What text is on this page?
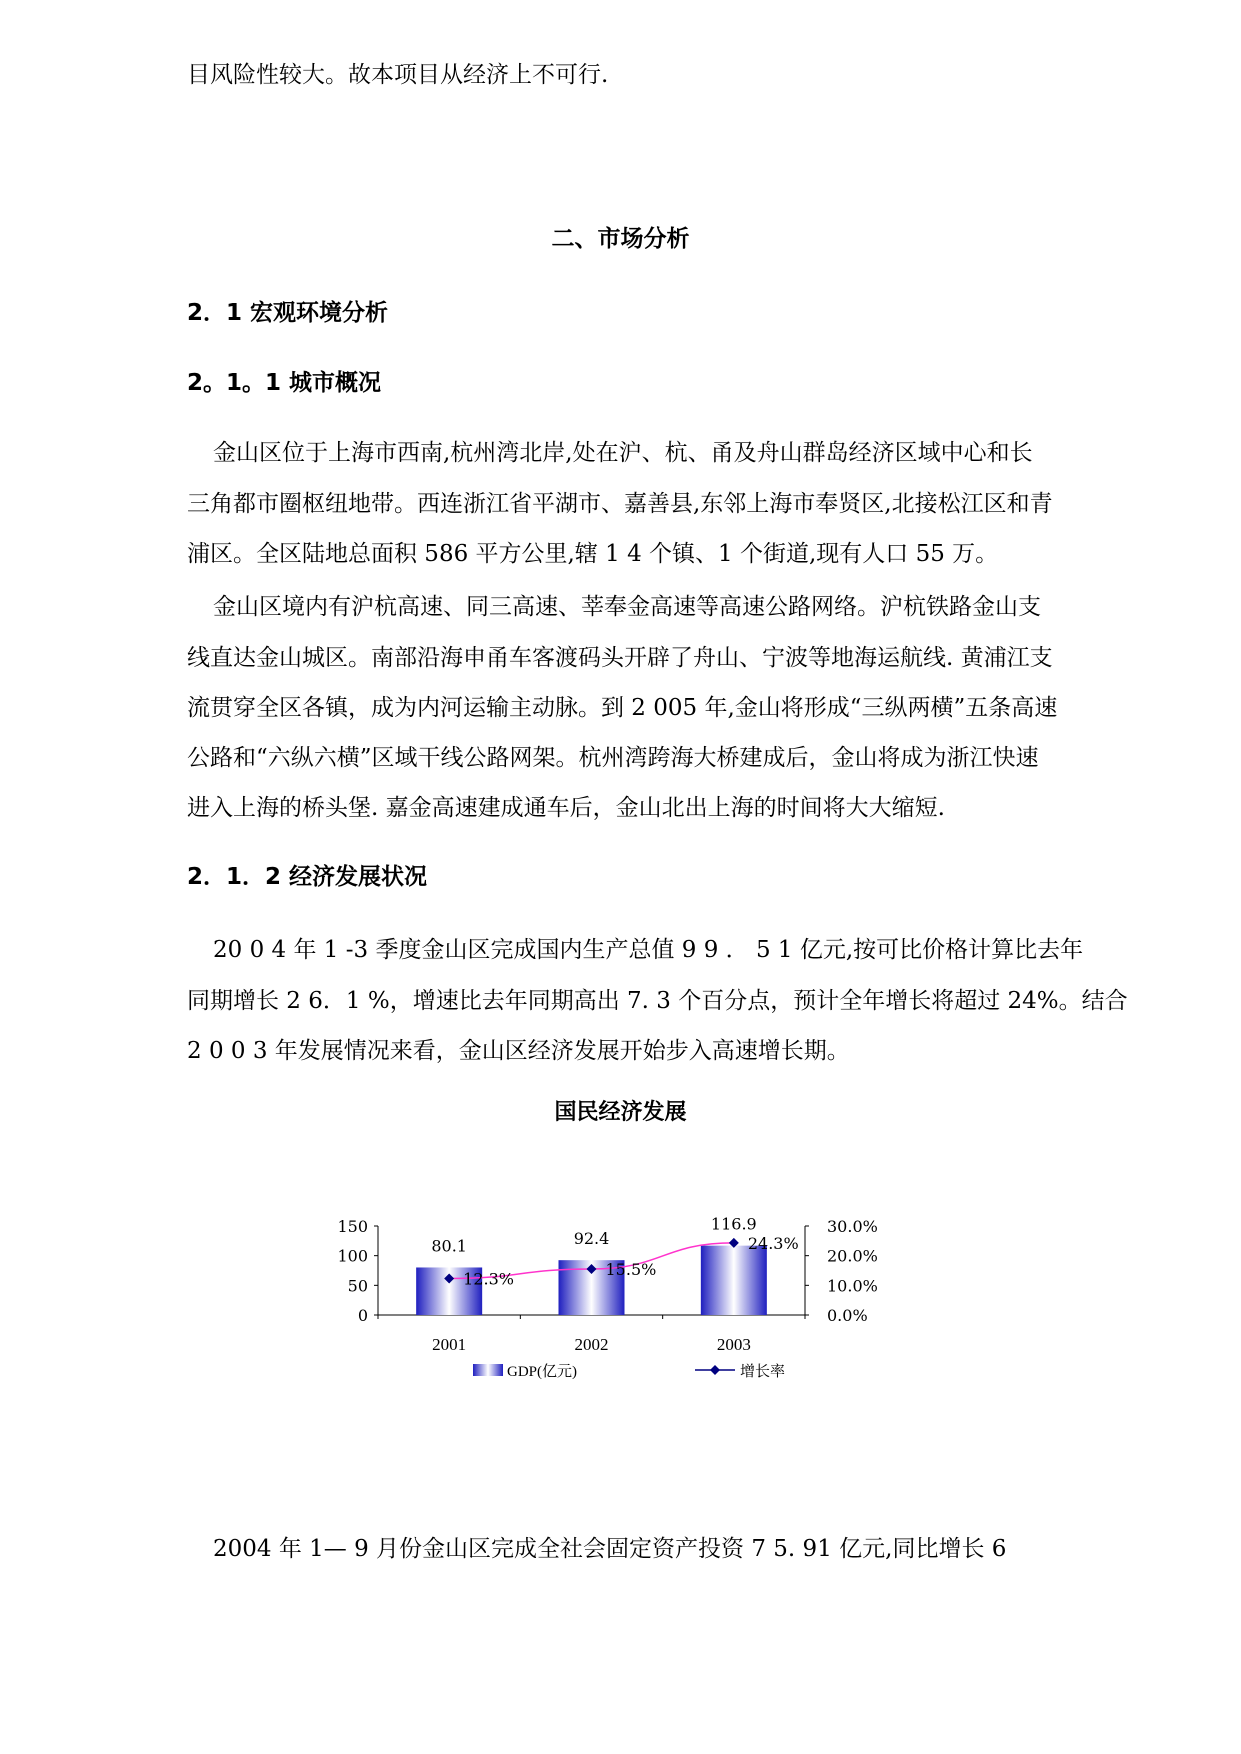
目风险性较大。故本项目从经济上不可行.
二、市场分析
2．1 宏观环境分析
2。1。1 城市概况
金山区位于上海市西南,杭州湾北岸,处在沪、杭、甬及舟山群岛经济区域中心和长
三角都市圈枢纽地带。西连浙江省平湖市、嘉善县,东邻上海市奉贤区,北接松江区和青
浦区。全区陆地总面积 586 平方公里,辖 1 4 个镇、1 个街道,现有人口 55 万。
金山区境内有沪杭高速、同三高速、莘奉金高速等高速公路网络。沪杭铁路金山支
线直达金山城区。南部沿海申甬车客渡码头开辟了舟山、宁波等地海运航线. 黄浦江支
流贯穿全区各镇，成为内河运输主动脉。到 2 005 年,金山将形成“三纵两横”五条高速
公路和“六纵六横”区域干线公路网架。杭州湾跨海大桥建成后，金山将成为浙江快速
进入上海的桥头堡. 嘉金高速建成通车后，金山北出上海的时间将大大缩短.
2．1．2 经济发展状况
20 0 4 年 1 -3 季度金山区完成国内生产总值 9 9 ． 5 1 亿元,按可比价格计算比去年
同期增长 2 6．1 %，增速比去年同期高出 7. 3 个百分点，预计全年增长将超过 24%。结合
2 0 0 3 年发展情况来看，金山区经济发展开始步入高速增长期。
国民经济发展
0
50
100
150
0.0%
10.0%
20.0%
30.0%
2001	2002	2003
80.1	92.4
116.9
12.3%	15.5%
24.3%
GDP(亿元)	增长率
2004 年 1— 9 月份金山区完成全社会固定资产投资 7 5. 91 亿元,同比增长 6
